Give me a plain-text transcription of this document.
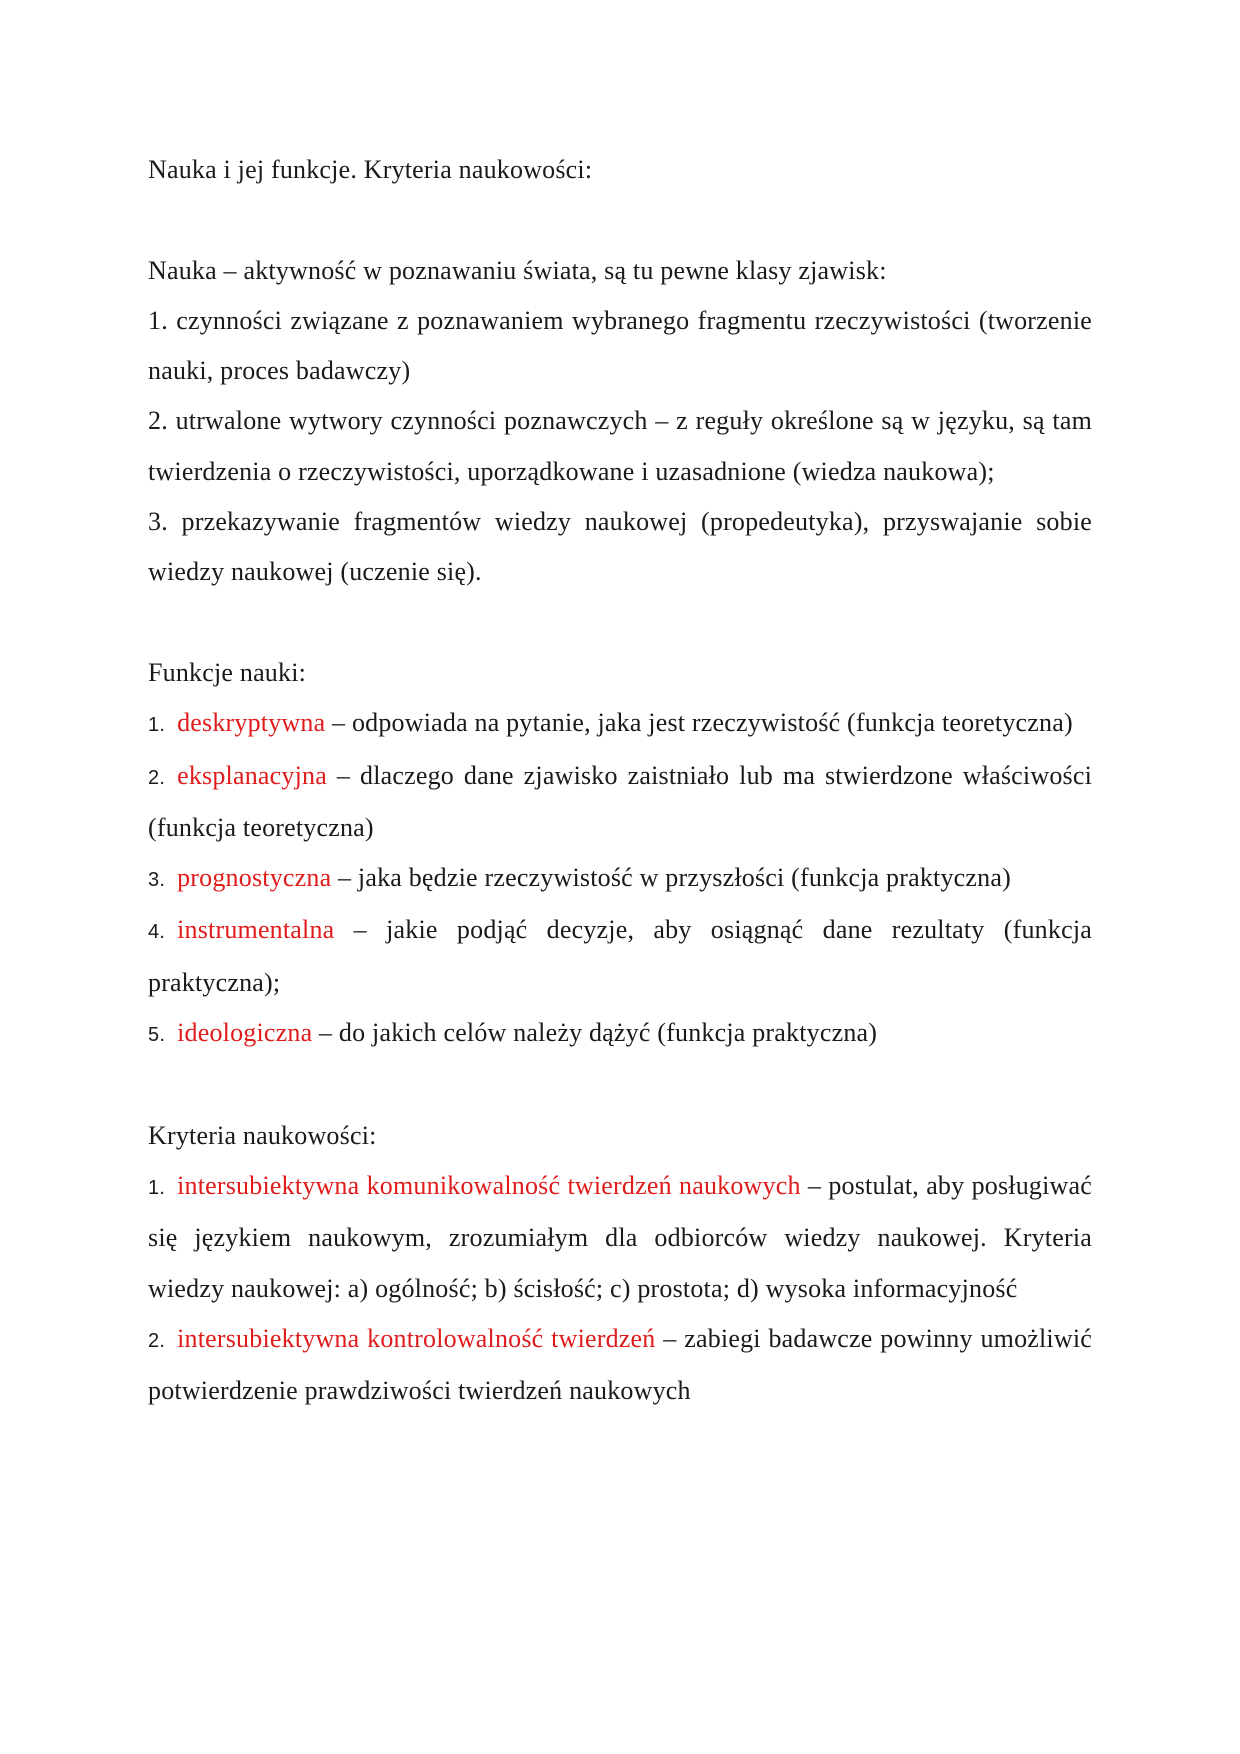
Nauka i jej funkcje. Kryteria naukowości:

Nauka – aktywność w poznawaniu świata, są tu pewne klasy zjawisk:

1. czynności związane z poznawaniem wybranego fragmentu rzeczywistości (tworzenie nauki, proces badawczy)

2. utrwalone wytwory czynności poznawczych – z reguły określone są w języku, są tam twierdzenia o rzeczywistości, uporządkowane i uzasadnione (wiedza naukowa);

3. przekazywanie fragmentów wiedzy naukowej (propedeutyka), przyswajanie sobie wiedzy naukowej (uczenie się).

Funkcje nauki:

1. deskryptywna – odpowiada na pytanie, jaka jest rzeczywistość (funkcja teoretyczna)

2. eksplanacyjna – dlaczego dane zjawisko zaistniało lub ma stwierdzone właściwości (funkcja teoretyczna)

3. prognostyczna – jaka będzie rzeczywistość w przyszłości (funkcja praktyczna)

4. instrumentalna – jakie podjąć decyzje, aby osiągnąć dane rezultaty (funkcja praktyczna);

5. ideologiczna – do jakich celów należy dążyć (funkcja praktyczna)

Kryteria naukowości:

1. intersubiektywna komunikowalność twierdzeń naukowych – postulat, aby posługiwać się językiem naukowym, zrozumiałym dla odbiorców wiedzy naukowej. Kryteria wiedzy naukowej: a) ogólność; b) ścisłość; c) prostota; d) wysoka informacyjność

2. intersubiektywna kontrolowalność twierdzeń – zabiegi badawcze powinny umożliwić potwierdzenie prawdziwości twierdzeń naukowych
